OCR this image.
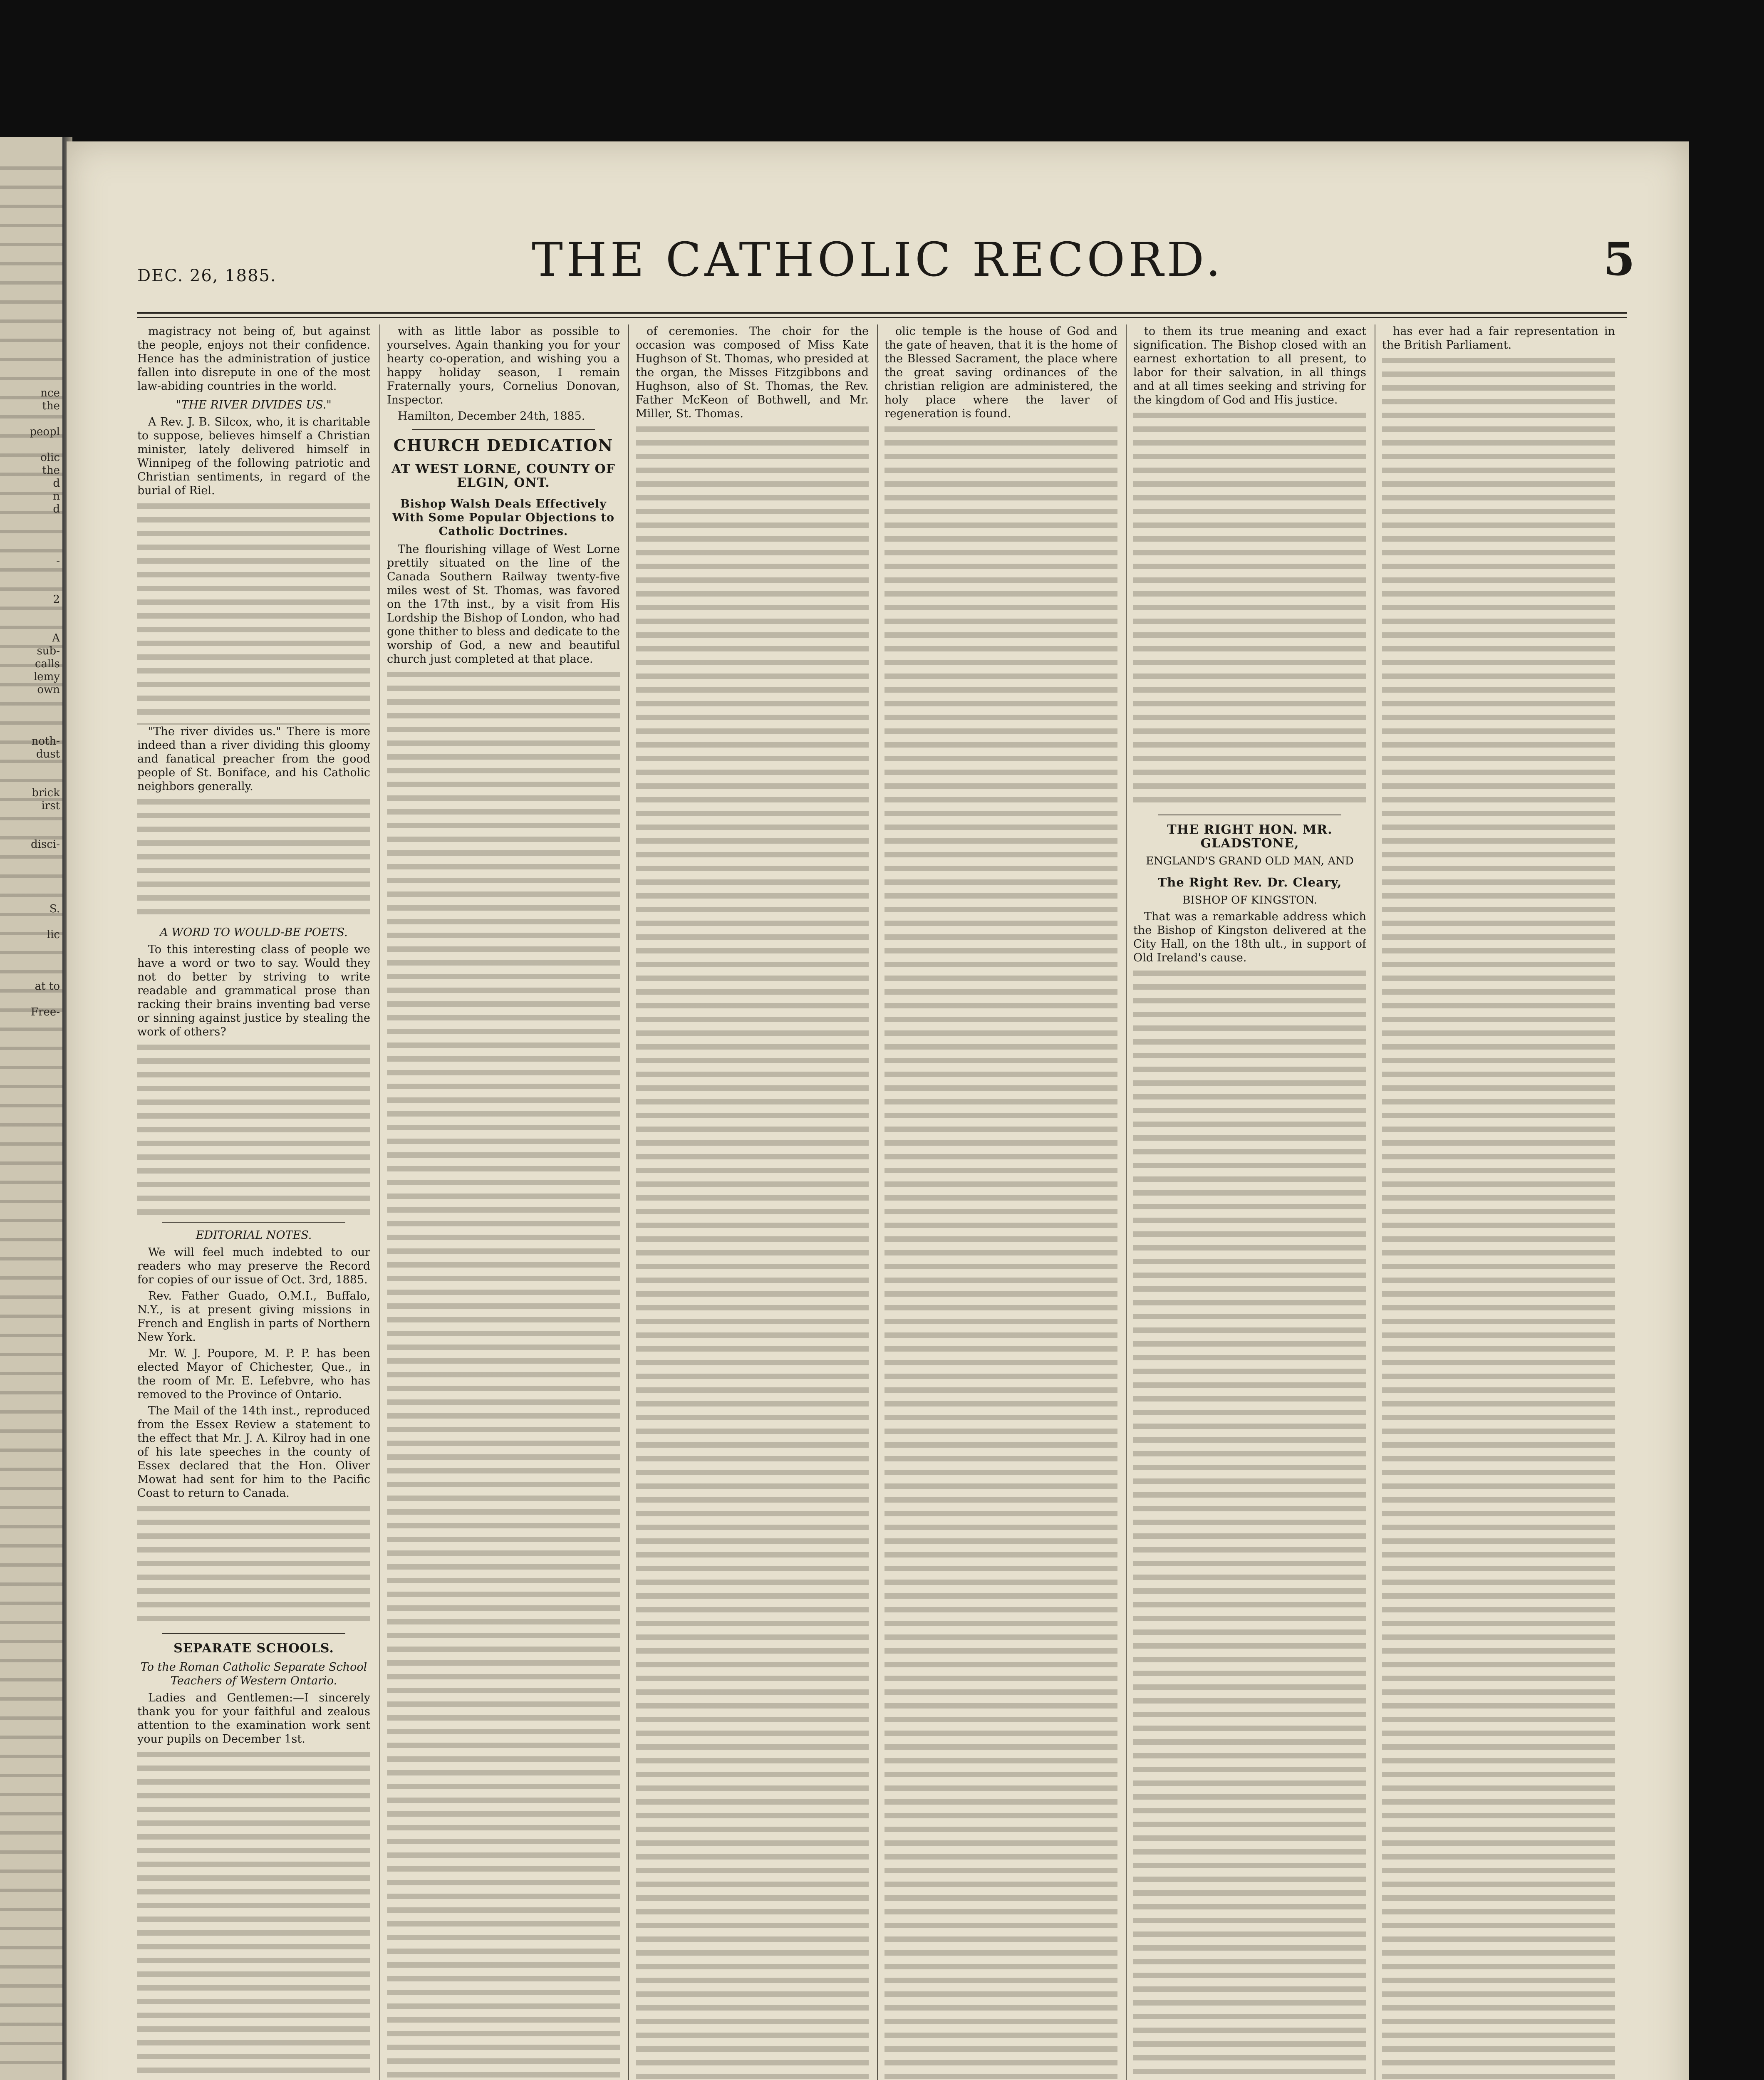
nce
the

peopl

olic
the
d
n
d

-

2

A
sub-
calls
lemy
own

noth-
dust

brick
irst

disci-

S.

lic

at to

Free-
DEC. 26, 1885.	THE CATHOLIC RECORD.	5

magistracy not being of, but against the people, enjoys not their confidence. Hence has the administration of justice fallen into disrepute in one of the most law-abiding countries in the world.

"THE RIVER DIVIDES US."

A Rev. J. B. Silcox, who, it is charitable to suppose, believes himself a Christian minister, lately delivered himself in Winnipeg of the following patriotic and Christian sentiments, in regard of the burial of Riel.

"The river divides us." There is more indeed than a river dividing this gloomy and fanatical preacher from the good people of St. Boniface, and his Catholic neighbors generally.

A WORD TO WOULD-BE POETS.

To this interesting class of people we have a word or two to say. Would they not do better by striving to write readable and grammatical prose than racking their brains inventing bad verse or sinning against justice by stealing the work of others?

EDITORIAL NOTES.

We will feel much indebted to our readers who may preserve the Record for copies of our issue of Oct. 3rd, 1885.

Rev. Father Guado, O.M.I., Buffalo, N.Y., is at present giving missions in French and English in parts of Northern New York.

Mr. W. J. Poupore, M. P. P. has been elected Mayor of Chichester, Que., in the room of Mr. E. Lefebvre, who has removed to the Province of Ontario.

The Mail of the 14th inst., reproduced from the Essex Review a statement to the effect that Mr. J. A. Kilroy had in one of his late speeches in the county of Essex declared that the Hon. Oliver Mowat had sent for him to the Pacific Coast to return to Canada.

SEPARATE SCHOOLS.
To the Roman Catholic Separate School Teachers of Western Ontario.

Ladies and Gentlemen:—I sincerely thank you for your faithful and zealous attention to the examination work sent your pupils on December 1st.

with as little labor as possible to yourselves. Again thanking you for your hearty co-operation, and wishing you a happy holiday season, I remain Fraternally yours, Cornelius Donovan, Inspector.

Hamilton, December 24th, 1885.

CHURCH DEDICATION
AT WEST LORNE, COUNTY OF ELGIN, ONT.
Bishop Walsh Deals Effectively With Some Popular Objections to Catholic Doctrines.

The flourishing village of West Lorne prettily situated on the line of the Canada Southern Railway twenty-five miles west of St. Thomas, was favored on the 17th inst., by a visit from His Lordship the Bishop of London, who had gone thither to bless and dedicate to the worship of God, a new and beautiful church just completed at that place.

of ceremonies. The choir for the occasion was composed of Miss Kate Hughson of St. Thomas, who presided at the organ, the Misses Fitzgibbons and Hughson, also of St. Thomas, the Rev. Father McKeon of Bothwell, and Mr. Miller, St. Thomas.

olic temple is the house of God and the gate of heaven, that it is the home of the Blessed Sacrament, the place where the great saving ordinances of the christian religion are administered, the holy place where the laver of regeneration is found.

to them its true meaning and exact signification. The Bishop closed with an earnest exhortation to all present, to labor for their salvation, in all things and at all times seeking and striving for the kingdom of God and His justice.

THE RIGHT HON. MR. GLADSTONE,
ENGLAND'S GRAND OLD MAN, AND
The Right Rev. Dr. Cleary,
BISHOP OF KINGSTON.

That was a remarkable address which the Bishop of Kingston delivered at the City Hall, on the 18th ult., in support of Old Ireland's cause.

has ever had a fair representation in the British Parliament.
